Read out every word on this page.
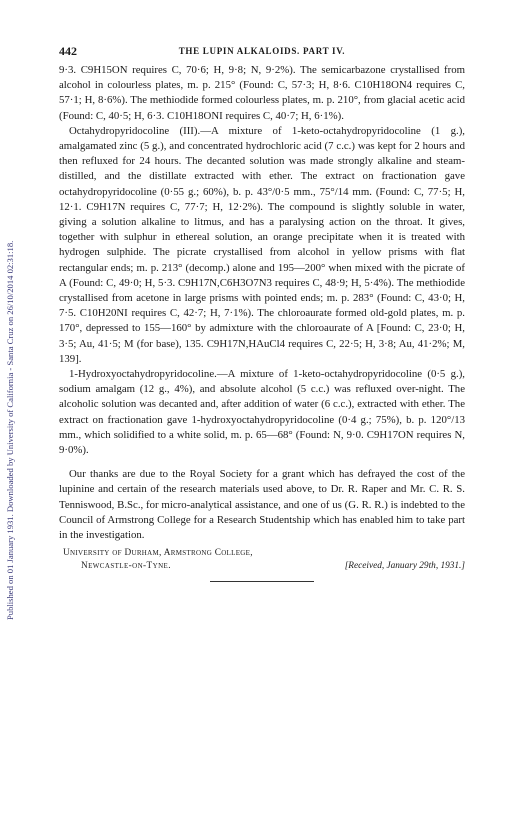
Published on 01 January 1931. Downloaded by University of California - Santa Cruz on 26/10/2014 02:31:18.
442	THE LUPIN ALKALOIDS. PART IV.

9·3. C9H15ON requires C, 70·6; H, 9·8; N, 9·2%). The semicarbazone crystallised from alcohol in colourless plates, m. p. 215° (Found: C, 57·3; H, 8·6. C10H18ON4 requires C, 57·1; H, 8·6%). The methiodide formed colourless plates, m. p. 210°, from glacial acetic acid (Found: C, 40·5; H, 6·3. C10H18ONI requires C, 40·7; H, 6·1%).

Octahydropyridocoline (III).—A mixture of 1-keto-octahydropyridocoline (1 g.), amalgamated zinc (5 g.), and concentrated hydrochloric acid (7 c.c.) was kept for 2 hours and then refluxed for 24 hours. The decanted solution was made strongly alkaline and steam-distilled, and the distillate extracted with ether. The extract on fractionation gave octahydropyridocoline (0·55 g.; 60%), b. p. 43°/0·5 mm., 75°/14 mm. (Found: C, 77·5; H, 12·1. C9H17N requires C, 77·7; H, 12·2%). The compound is slightly soluble in water, giving a solution alkaline to litmus, and has a paralysing action on the throat. It gives, together with sulphur in ethereal solution, an orange precipitate when it is treated with hydrogen sulphide. The picrate crystallised from alcohol in yellow prisms with flat rectangular ends; m. p. 213° (decomp.) alone and 195—200° when mixed with the picrate of A (Found: C, 49·0; H, 5·3. C9H17N,C6H3O7N3 requires C, 48·9; H, 5·4%). The methiodide crystallised from acetone in large prisms with pointed ends; m. p. 283° (Found: C, 43·0; H, 7·5. C10H20NI requires C, 42·7; H, 7·1%). The chloroaurate formed old-gold plates, m. p. 170°, depressed to 155—160° by admixture with the chloroaurate of A [Found: C, 23·0; H, 3·5; Au, 41·5; M (for base), 135. C9H17N,HAuCl4 requires C, 22·5; H, 3·8; Au, 41·2%; M, 139].

1-Hydroxyoctahydropyridocoline.—A mixture of 1-keto-octahydropyridocoline (0·5 g.), sodium amalgam (12 g., 4%), and absolute alcohol (5 c.c.) was refluxed over-night. The alcoholic solution was decanted and, after addition of water (6 c.c.), extracted with ether. The extract on fractionation gave 1-hydroxyoctahydropyridocoline (0·4 g.; 75%), b. p. 120°/13 mm., which solidified to a white solid, m. p. 65—68° (Found: N, 9·0. C9H17ON requires N, 9·0%).

Our thanks are due to the Royal Society for a grant which has defrayed the cost of the lupinine and certain of the research materials used above, to Dr. R. Raper and Mr. C. R. S. Tenniswood, B.Sc., for micro-analytical assistance, and one of us (G. R. R.) is indebted to the Council of Armstrong College for a Research Studentship which has enabled him to take part in the investigation.

University of Durham, Armstrong College,
Newcastle-on-Tyne.	[Received, January 29th, 1931.]
